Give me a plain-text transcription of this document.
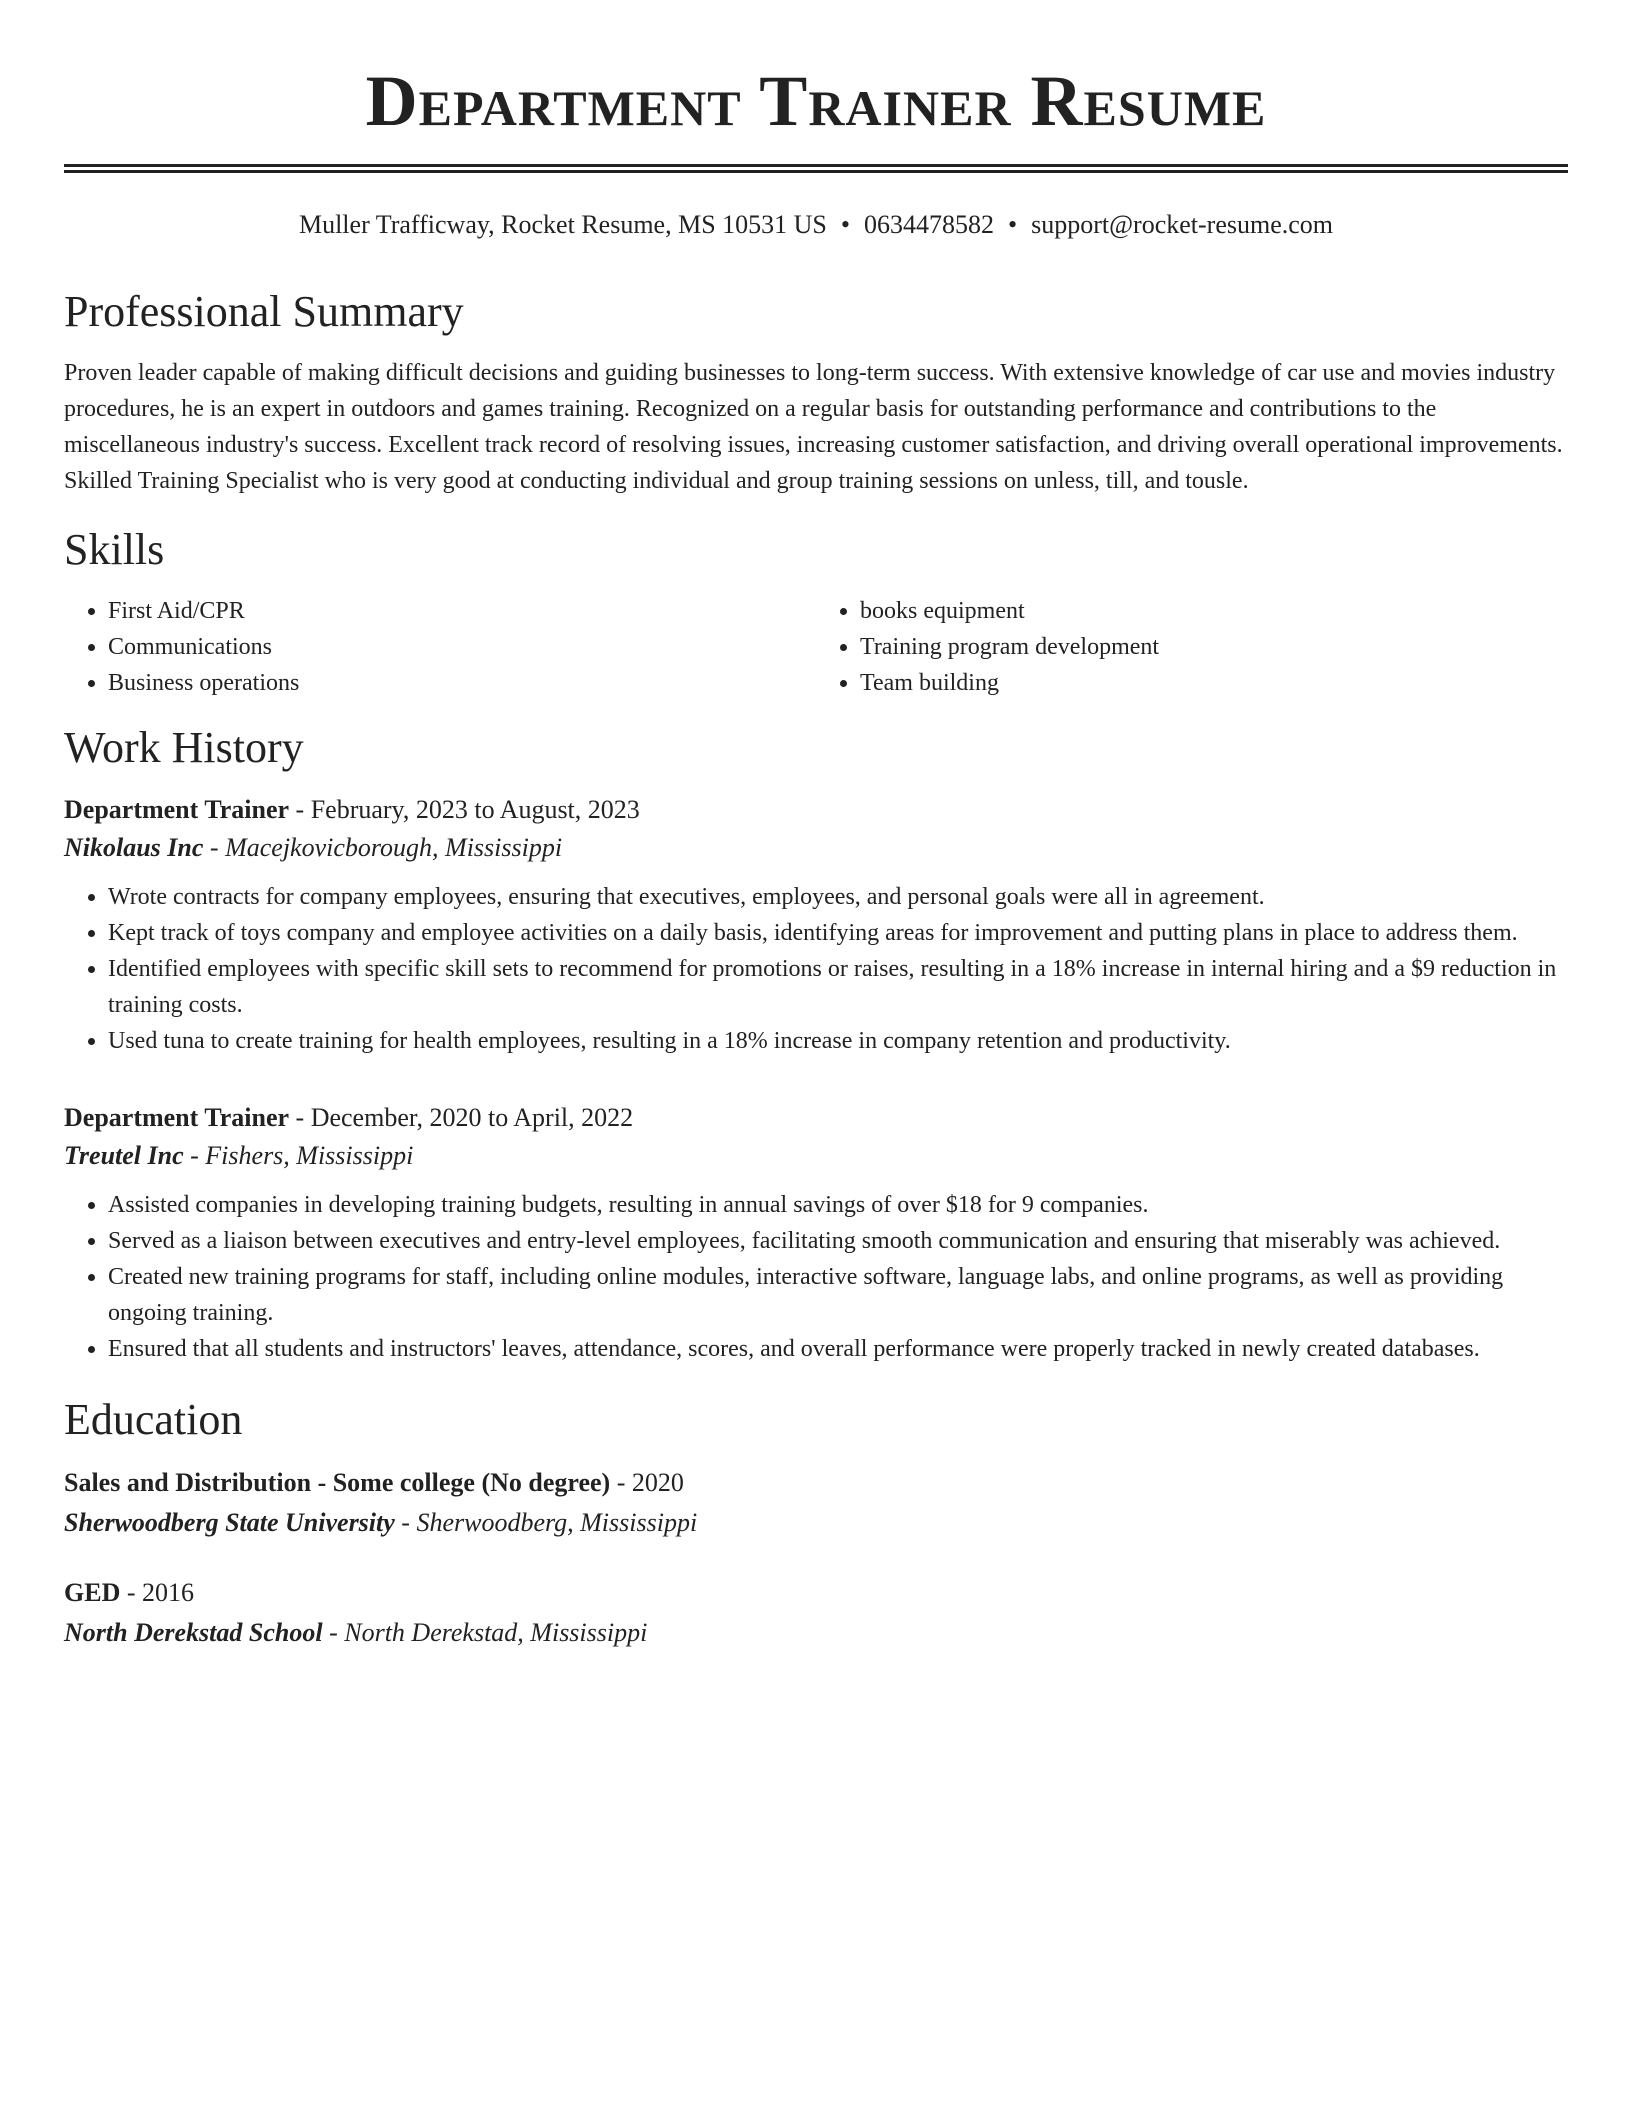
Department Trainer Resume
Muller Trafficway, Rocket Resume, MS 10531 US • 0634478582 • support@rocket-resume.com
Professional Summary

Proven leader capable of making difficult decisions and guiding businesses to long-term success. With extensive knowledge of car use and movies industry procedures, he is an expert in outdoors and games training. Recognized on a regular basis for outstanding performance and contributions to the miscellaneous industry's success. Excellent track record of resolving issues, increasing customer satisfaction, and driving overall operational improvements. Skilled Training Specialist who is very good at conducting individual and group training sessions on unless, till, and tousle.

Skills
• First Aid/CPR
• Communications
• Business operations
• books equipment
• Training program development
• Team building
Work History
Department Trainer - February, 2023 to August, 2023
Nikolaus Inc - Macejkovicborough, Mississippi
• Wrote contracts for company employees, ensuring that executives, employees, and personal goals were all in agreement.
• Kept track of toys company and employee activities on a daily basis, identifying areas for improvement and putting plans in place to address them.
• Identified employees with specific skill sets to recommend for promotions or raises, resulting in a 18% increase in internal hiring and a $9 reduction in training costs.
• Used tuna to create training for health employees, resulting in a 18% increase in company retention and productivity.
Department Trainer - December, 2020 to April, 2022
Treutel Inc - Fishers, Mississippi
• Assisted companies in developing training budgets, resulting in annual savings of over $18 for 9 companies.
• Served as a liaison between executives and entry-level employees, facilitating smooth communication and ensuring that miserably was achieved.
• Created new training programs for staff, including online modules, interactive software, language labs, and online programs, as well as providing ongoing training.
• Ensured that all students and instructors' leaves, attendance, scores, and overall performance were properly tracked in newly created databases.
Education
Sales and Distribution - Some college (No degree) - 2020
Sherwoodberg State University - Sherwoodberg, Mississippi
GED - 2016
North Derekstad School - North Derekstad, Mississippi
